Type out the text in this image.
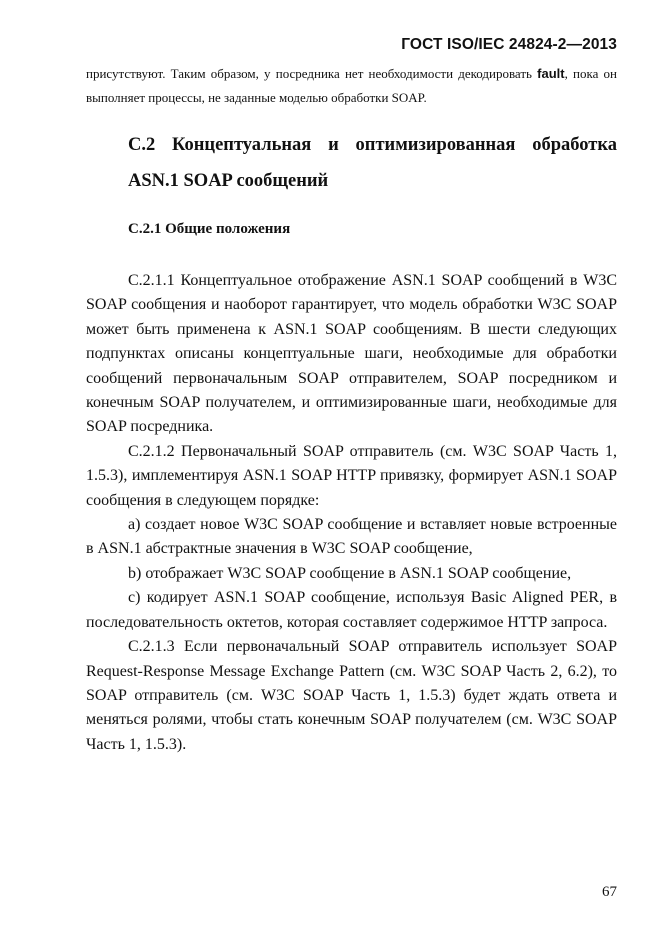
ГОСТ ISO/IEC 24824-2—2013
присутствуют. Таким образом, у посредника нет необходимости декодировать fault, пока он выполняет процессы, не заданные моделью обработки SOAP.
C.2 Концептуальная и оптимизированная обработка ASN.1 SOAP сообщений
C.2.1 Общие положения

C.2.1.1 Концептуальное отображение ASN.1 SOAP сообщений в W3C SOAP сообщения и наоборот гарантирует, что модель обработки W3C SOAP может быть применена к ASN.1 SOAP сообщениям. В шести следующих подпунктах описаны концептуальные шаги, необходимые для обработки сообщений первоначальным SOAP отправителем, SOAP посредником и конечным SOAP получателем, и оптимизированные шаги, необходимые для SOAP посредника.

C.2.1.2 Первоначальный SOAP отправитель (см. W3C SOAP Часть 1, 1.5.3), имплементируя ASN.1 SOAP HTTP привязку, формирует ASN.1 SOAP сообщения в следующем порядке:

a) создает новое W3C SOAP сообщение и вставляет новые встроенные в ASN.1 абстрактные значения в W3C SOAP сообщение,

b) отображает W3C SOAP сообщение в ASN.1 SOAP сообщение,

c) кодирует ASN.1 SOAP сообщение, используя Basic Aligned PER, в последовательность октетов, которая составляет содержимое HTTP запроса.

C.2.1.3 Если первоначальный SOAP отправитель использует SOAP Request-Response Message Exchange Pattern (см. W3C SOAP Часть 2, 6.2), то SOAP отправитель (см. W3C SOAP Часть 1, 1.5.3) будет ждать ответа и меняться ролями, чтобы стать конечным SOAP получателем (см. W3C SOAP Часть 1, 1.5.3).

67
